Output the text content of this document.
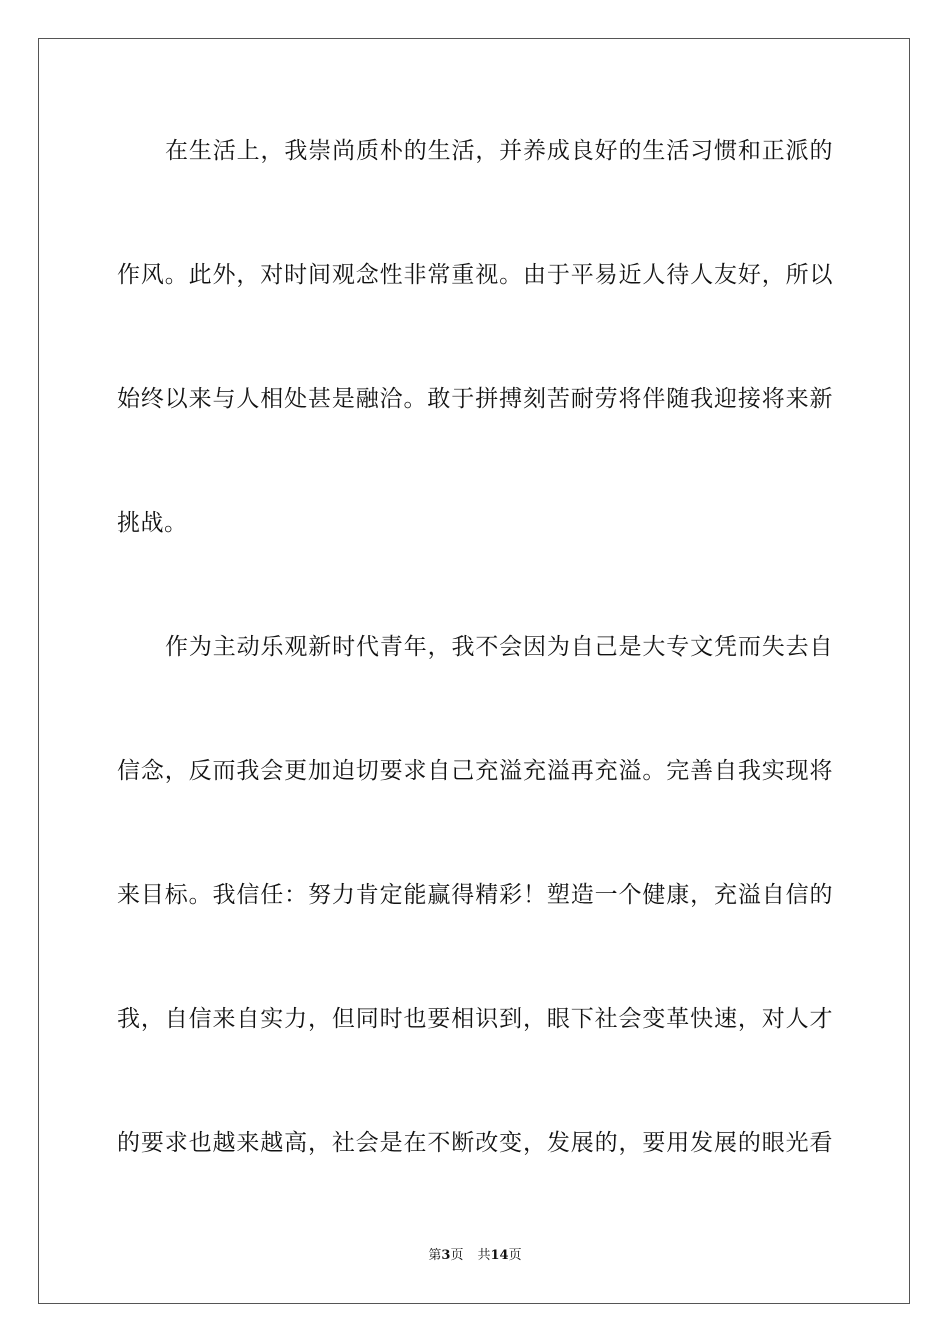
在生活上，我崇尚质朴的生活，并养成良好的生活习惯和正派的
作风。此外，对时间观念性非常重视。由于平易近人待人友好，所以
始终以来与人相处甚是融洽。敢于拼搏刻苦耐劳将伴随我迎接将来新
挑战。
作为主动乐观新时代青年，我不会因为自己是大专文凭而失去自
信念，反而我会更加迫切要求自己充溢充溢再充溢。完善自我实现将
来目标。我信任：努力肯定能赢得精彩！塑造一个健康，充溢自信的
我，自信来自实力，但同时也要相识到，眼下社会变革快速，对人才
的要求也越来越高，社会是在不断改变，发展的，要用发展的眼光看
第3页 共14页
